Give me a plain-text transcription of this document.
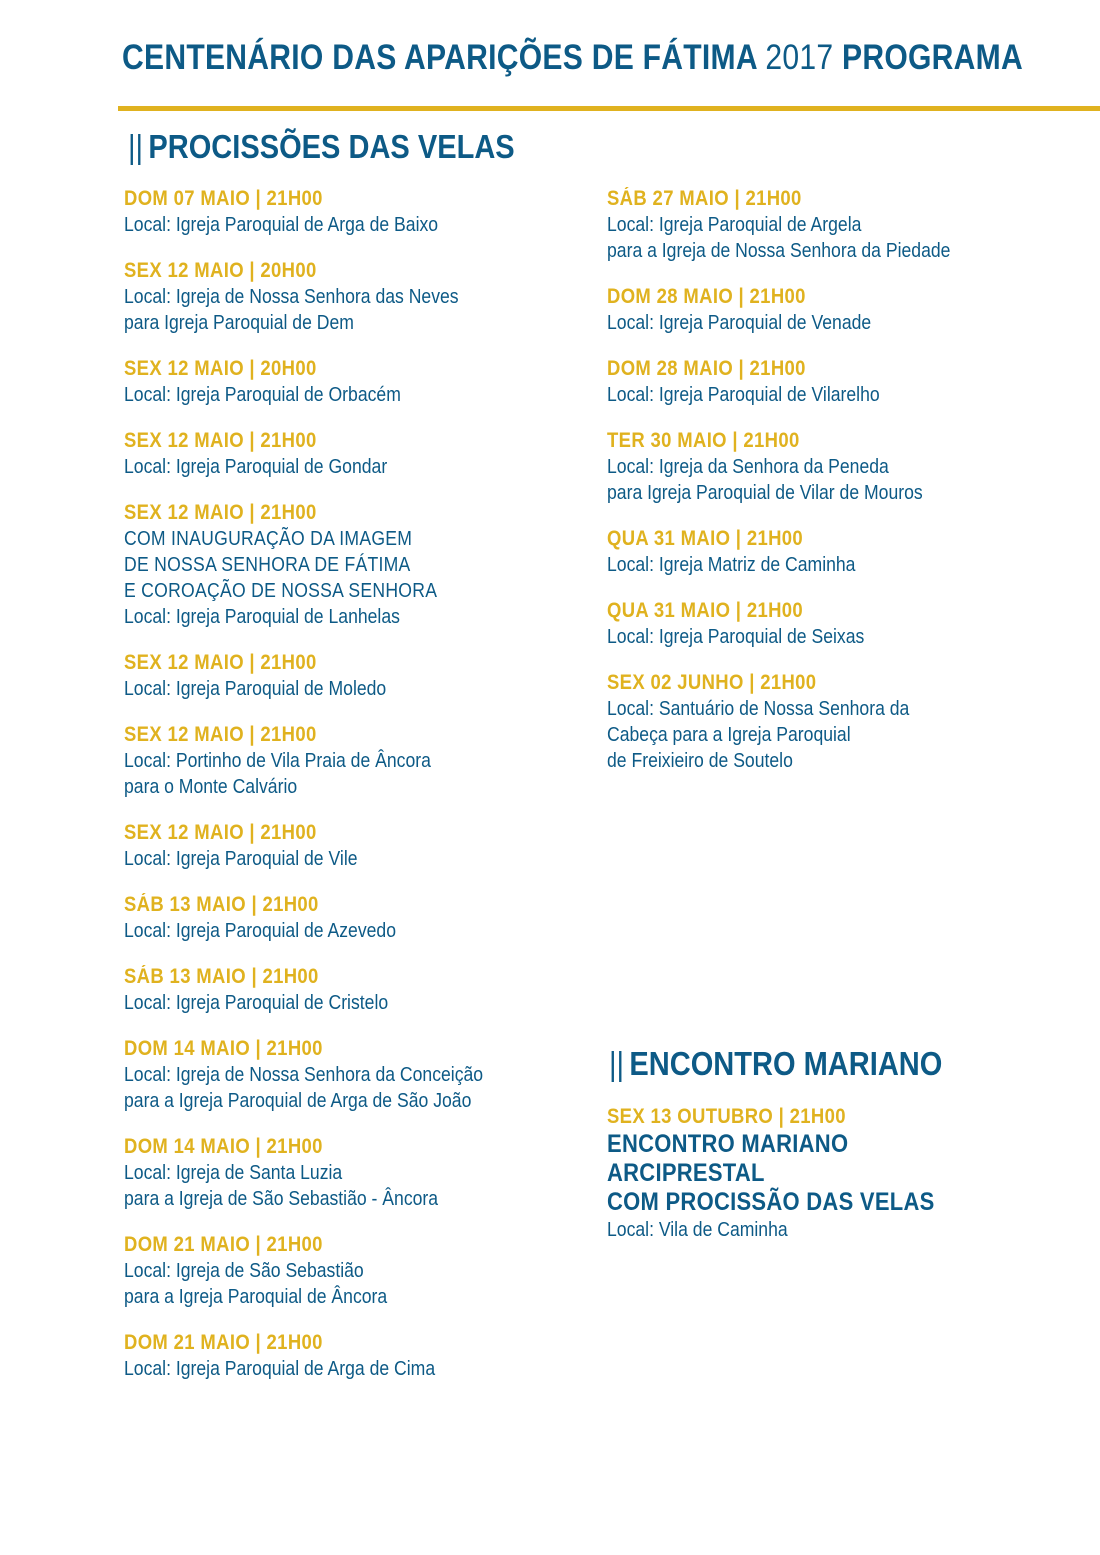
CENTENÁRIO DAS APARIÇÕES DE FÁTIMA 2017 PROGRAMA
|| PROCISSÕES DAS VELAS
DOM 07 MAIO | 21H00
Local: Igreja Paroquial de Arga de Baixo
SEX 12 MAIO | 20H00
Local: Igreja de Nossa Senhora das Neves
para Igreja Paroquial de Dem
SEX 12 MAIO | 20H00
Local: Igreja Paroquial de Orbacém
SEX 12 MAIO | 21H00
Local: Igreja Paroquial de Gondar
SEX 12 MAIO | 21H00
COM INAUGURAÇÃO DA IMAGEM
DE NOSSA SENHORA DE FÁTIMA
E COROAÇÃO DE NOSSA SENHORA
Local: Igreja Paroquial de Lanhelas
SEX 12 MAIO | 21H00
Local: Igreja Paroquial de Moledo
SEX 12 MAIO | 21H00
Local: Portinho de Vila Praia de Âncora
para o Monte Calvário
SEX 12 MAIO | 21H00
Local: Igreja Paroquial de Vile
SÁB 13 MAIO | 21H00
Local: Igreja Paroquial de Azevedo
SÁB 13 MAIO | 21H00
Local: Igreja Paroquial de Cristelo
DOM 14 MAIO | 21H00
Local: Igreja de Nossa Senhora da Conceição
para a Igreja Paroquial de Arga de São João
DOM 14 MAIO | 21H00
Local: Igreja de Santa Luzia
para a Igreja de São Sebastião - Âncora
DOM 21 MAIO | 21H00
Local: Igreja de São Sebastião
para a Igreja Paroquial de Âncora
DOM 21 MAIO | 21H00
Local: Igreja Paroquial de Arga de Cima
SÁB 27 MAIO | 21H00
Local: Igreja Paroquial de Argela
para a Igreja de Nossa Senhora da Piedade
DOM 28 MAIO | 21H00
Local: Igreja Paroquial de Venade
DOM 28 MAIO | 21H00
Local: Igreja Paroquial de Vilarelho
TER 30 MAIO | 21H00
Local: Igreja da Senhora da Peneda
para Igreja Paroquial de Vilar de Mouros
QUA 31 MAIO | 21H00
Local: Igreja Matriz de Caminha
QUA 31 MAIO | 21H00
Local: Igreja Paroquial de Seixas
SEX 02 JUNHO | 21H00
Local: Santuário de Nossa Senhora da
Cabeça para a Igreja Paroquial
de Freixieiro de Soutelo
|| ENCONTRO MARIANO
SEX 13 OUTUBRO | 21H00
ENCONTRO MARIANO
ARCIPRESTAL
COM PROCISSÃO DAS VELAS
Local: Vila de Caminha
